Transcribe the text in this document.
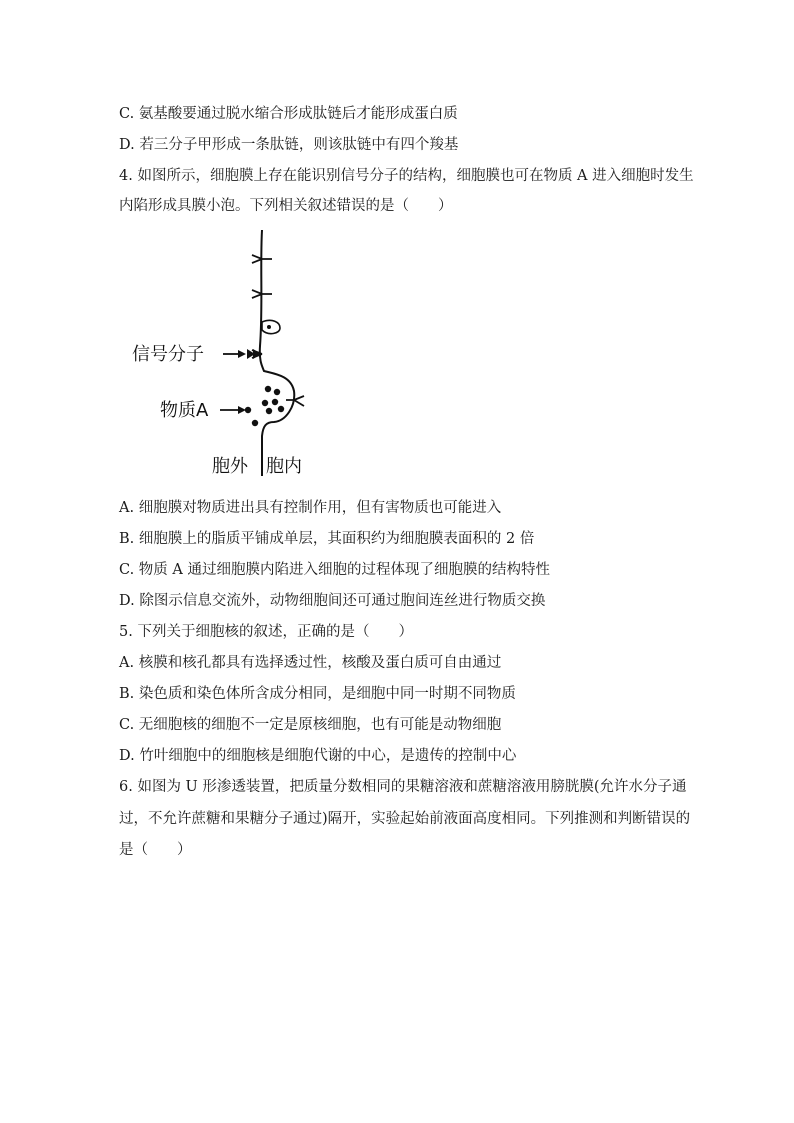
C. 氨基酸要通过脱水缩合形成肽链后才能形成蛋白质
D. 若三分子甲形成一条肽链，则该肽链中有四个羧基
4. 如图所示，细胞膜上存在能识别信号分子的结构，细胞膜也可在物质 A 进入细胞时发生
内陷形成具膜小泡。下列相关叙述错误的是（　　）
信号分子
物质A
胞外 胞内
A. 细胞膜对物质进出具有控制作用，但有害物质也可能进入
B. 细胞膜上的脂质平铺成单层，其面积约为细胞膜表面积的 2 倍
C. 物质 A 通过细胞膜内陷进入细胞的过程体现了细胞膜的结构特性
D. 除图示信息交流外，动物细胞间还可通过胞间连丝进行物质交换
5. 下列关于细胞核的叙述，正确的是（　　）
A. 核膜和核孔都具有选择透过性，核酸及蛋白质可自由通过
B. 染色质和染色体所含成分相同，是细胞中同一时期不同物质
C. 无细胞核的细胞不一定是原核细胞，也有可能是动物细胞
D. 竹叶细胞中的细胞核是细胞代谢的中心，是遗传的控制中心
6. 如图为 U 形渗透装置，把质量分数相同的果糖溶液和蔗糖溶液用膀胱膜(允许水分子通
过，不允许蔗糖和果糖分子通过)隔开，实验起始前液面高度相同。下列推测和判断错误的
是（　　）
